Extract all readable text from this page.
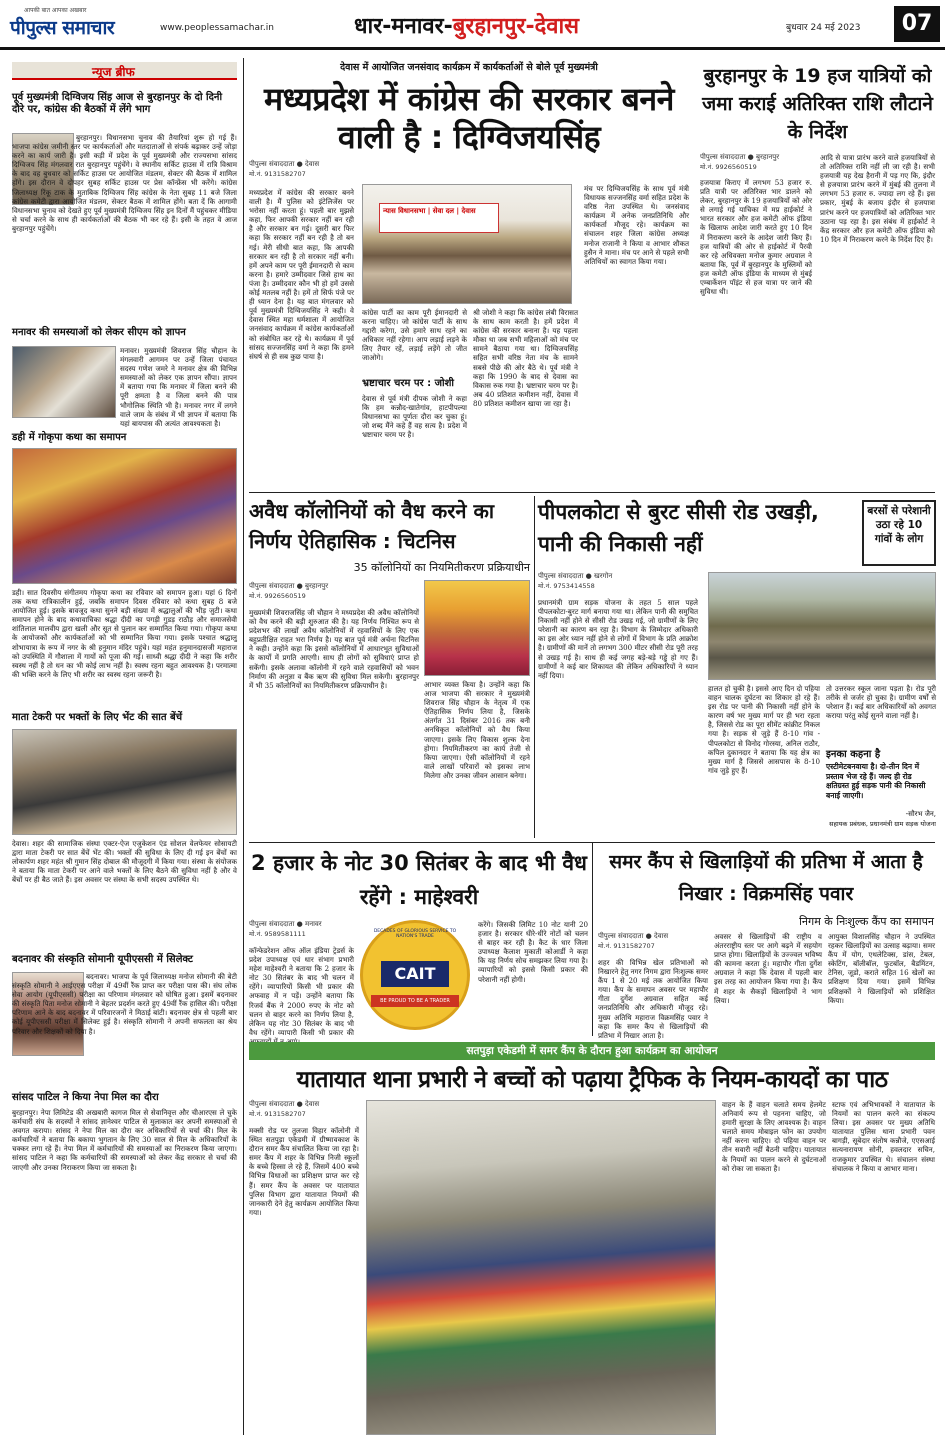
आपकी बात आपका अखबार
पीपुल्स समाचार	www.peoplessamachar.in	धार-मनावर-बुरहानपुर-देवास	बुधवार 24 मई 2023	07
न्यूज ब्रीफ
पूर्व मुख्यमंत्री दिग्विजय सिंह आज से बुरहानपुर के दो दिनी दौरे पर, कांग्रेस की बैठकों में लेंगे भाग
बुरहानपुर। विधानसभा चुनाव की तैयारियां शुरू हो गई हैं। भाजपा कांग्रेस जमीनी स्तर पर कार्यकर्ताओं और मतदाताओं से संपर्क बढ़ाकर उन्हें जोड़ा करने का कार्य जारी है। इसी कड़ी में प्रदेश के पूर्व मुख्यमंत्री और राज्यसभा सांसद दिग्विजय सिंह मंगलवार रात बुरहानपुर पहुंचेंगे। वे स्थानीय सर्किट हाउस में रात्रि विश्राम के बाद वह बुधवार को सर्किट हाउस पर आयोजित मंडलम, सेक्टर की बैठक में शामिल होंगे। इस दौरान वे दोपहर सुबह सर्किट हाउस पर प्रेस कॉन्फ्रेंस भी करेंगे। कांग्रेस जिलाध्यक्ष रिंकू टाक के मुताबिक दिग्विजय सिंह कांग्रेस के नेता सुबह 11 बजे जिला कांग्रेस कमेटी द्वारा आयोजित मंडलम, सेक्टर बैठक में शामिल होंगे। बता दें कि आगामी विधानसभा चुनाव को देखते हुए पूर्व मुख्यमंत्री दिग्विजय सिंह इन दिनों मैं पहुंचकर मीडिया से चर्चा करने के साथ ही कार्यकर्ताओं की बैठक भी कर रहे हैं। इसी के तहत वे आज बुरहानपुर पहुंचेंगे।
मनावर की समस्याओं को लेकर सीएम को ज्ञापन
मनावर। मुख्यमंत्री शिवराज सिंह चौहान के मंगलवारी आगमन पर उन्हें जिला पंचायत सदस्य गणेश जमरे ने मनावर क्षेत्र की विभिन्न समस्याओं को लेकर एक ज्ञापन सौंपा। ज्ञापन में बताया गया कि मनावर में जिला बनने की पूरी क्षमता है व जिला बनने की पात्र भौगोलिक स्थिति भी है। मनावर नगर में लगने वाले जाम के संबंध में भी ज्ञापन में बताया कि यहां बायपास की अत्यंत आवश्यकता है।
डही में गोकृपा कथा का समापन
डही। सात दिवसीय संगीतमय गोकृपा कथा का रविवार को समापन हुआ। यहां 6 दिनों तक कथा रात्रिकालीन हुई, जबकि समापन दिवस रविवार को कथा सुबह 8 बजे आयोजित हुई। इसके बावजूद कथा सुनने बड़ी संख्या में श्रद्धालुओं की भीड़ जुटी। कथा समापन होने के बाद कथावाचिका श्रद्धा दीदी का पगड़ी गुडड़ राठौड़ और समाजसेवी शांतिलाल मालवीय द्वारा खली और सूत से पुलान कर सम्मानित किया गया। गोकृपा कथा के आयोजकों और कार्यकर्ताओं को भी सम्मानित किया गया। इसके पश्चात श्रद्धालु शोभायात्रा के रूप में नगर के श्री हनुमान मंदिर पहुंचे। यहां महंत हनुमानदासजी महाराज को उपस्थिति में गौशाला में गायों को पूजा की गई। साध्वी श्रद्धा दीदी ने कहा कि शरीर स्वस्थ नहीं है तो धन का भी कोई लाभ नहीं है। स्वस्थ रहना बहुत आवश्यक है। परमात्मा की भक्ति करने के लिए भी शरीर का स्वस्थ रहना जरूरी है।
माता टेकरी पर भक्तों के लिए भेंट की सात बेंचें
देवास। शहर की सामाजिक संस्था एक्टर-ऐज एजुकेशन एंड सोशल वेलफेयर सोसायटी द्वारा माता टेकरी पर सात बेंचें भेंट की। भक्तों की सुविधा के लिए दी गई इन बेंचों का लोकार्पण शहर महंत श्री गुमान सिंह दोबाल की मौजूदगी में किया गया। संस्था के संयोजक ने बताया कि माता टेकरी पर आने वाले भक्तों के लिए बैठने की सुविधा नहीं है और वे बेंचों पर ही बैठ जाते हैं। इस अवसर पर संस्था के सभी सदस्य उपस्थित थे।
बदनावर की संस्कृति सोमानी यूपीएससी में सिलेक्ट
बदनावर। भाजपा के पूर्व जिलाध्यक्ष मनोज सोमानी की बेटी संस्कृति सोमानी ने आईएएस परीक्षा में 49वीं रैंक प्राप्त कर परीक्षा पास की। संघ लोक सेवा आयोग (यूपीएससी) परीक्षा का परिणाम मंगलवार को घोषित हुआ। इसमें बदनावर की संस्कृति पिता मनोज सोमानी ने बेहतर प्रदर्शन करते हुए 49वीं रैंक हासिल की। परीक्षा परिणाम आने के बाद बदनावर में परिवारजनों ने मिठाई बांटी। बदनावर क्षेत्र से पहली बार कोई यूपीएससी परीक्षा में सिलेक्ट हुई है। संस्कृति सोमानी ने अपनी सफलता का श्रेय परिवार और शिक्षकों को दिया है।
सांसद पाटिल ने किया नेपा मिल का दौरा
बुरहानपुर। नेपा लिमिटेड की अखबारी कागज मिल से सेवानिवृत्त और चीआरएस ले चुके कर्मचारी संघ के सदस्यों ने सांसद ज्ञानेश्वर पाटिल से मुलाकात कर अपनी समस्याओं से अवगत कराया। सांसद ने नेपा मिल का दौरा कर अधिकारियों से चर्चा की। मिल के कर्मचारियों ने बताया कि बकाया भुगतान के लिए 30 साल से मिल के अधिकारियों के चक्कर लगा रहे हैं। नेपा मिल में कर्मचारियों की समस्याओं का निराकरण किया जाएगा। सांसद पाटिल ने कहा कि कर्मचारियों की समस्याओं को लेकर केंद्र सरकार से चर्चा की जाएगी और उनका निराकरण किया जा सकता है।
देवास में आयोजित जनसंवाद कार्यक्रम में कार्यकर्ताओं से बोले पूर्व मुख्यमंत्री
मध्यप्रदेश में कांग्रेस की सरकार बनने वाली है : दिग्विजयसिंह
पीपुल्स संवाददाता ● देवास
मो.नं. 9131582707
मध्यप्रदेश में कांग्रेस की सरकार बनने वाली है। मैं पुलिस को इंटेलिजेंस पर भरोसा नहीं करता हूं। पहली बार मुझसे कहा, फिर आपकी सरकार नहीं बन रही है और सरकार बन गई। दूसरी बार फिर कहा कि सरकार नहीं बन रही है तो बन गई। मेरी सीधी बात कहा, कि आपकी सरकार बन रही है तो सरकार नहीं बनी। हमें अपने काम पर पूरी ईमानदारी से काम करना है। हमारे उम्मीदवार जिसे हाथ का पंजा है। उम्मीदवार कौन भी हो हमें उससे कोई मतलब नहीं है। हमें तो सिर्फ पंजे पर ही ध्यान देना है। यह बात मंगलवार को पूर्व मुख्यमंत्री दिग्विजयसिंह ने कही। वे देवास स्थित महा धर्मशाला में आयोजित जनसंवाद कार्यक्रम में कांग्रेस कार्यकर्ताओं को संबोधित कर रहे थे। कार्यक्रम में पूर्व सांसद सज्जनसिंह वर्मा ने कहा कि हमने संघर्ष से ही सब कुछ पाया है।
न्यास विधानसभा | सेवा दल | देवास
कांग्रेस पार्टी का काम पूरी ईमानदारी से करना चाहिए। जो कांग्रेस पार्टी के साथ गद्दारी करेगा, उसे हमारे साथ रहने का अधिकार नहीं रहेगा। आप लड़ाई लड़ने के लिए तैयार रहें, लड़ाई लड़ेंगे तो जीत जाओगे।
भ्रष्टाचार चरम पर : जोशी
देवास से पूर्व मंत्री दीपक जोशी ने कहा कि हम कन्नौद-खातेगांव, हाटपीपल्या विधानसभा का पूर्णतः दौरा कर चुका हूं। जो शब्द मैंने कहे हैं वह सत्य है। प्रदेश में भ्रष्टाचार चरम पर है।
श्री जोशी ने कहा कि कांग्रेस लंबी विरासत के साथ काम करती है। हमें प्रदेश में कांग्रेस की सरकार बनाना है। यह पहला मौका था जब सभी महिलाओं को मंच पर सामने बैठाया गया था। दिग्विजयसिंह सहित सभी वरिष्ठ नेता मंच के सामने सबसे पीछे की ओर बैठे थे। पूर्व मंत्री ने कहा कि 1990 के बाद से देवास का विकास रुक गया है। भ्रष्टाचार चरम पर है। अब 40 प्रतिशत कमीशन नहीं, देवास में 80 प्रतिशत कमीशन खाया जा रहा है।
मंच पर दिग्विजयसिंह के साथ पूर्व मंत्री विधायक सज्जनसिंह वर्मा सहित प्रदेश के वरिष्ठ नेता उपस्थित थे। जनसंवाद कार्यक्रम में अनेक जनप्रतिनिधि और कार्यकर्ता मौजूद रहे। कार्यक्रम का संचालन शहर जिला कांग्रेस अध्यक्ष मनोज राजानी ने किया व आभार शौकत हुसैन ने माना। मंच पर आने से पहले सभी अतिथियों का स्वागत किया गया।
बुरहानपुर के 19 हज यात्रियों को जमा कराई अतिरिक्त राशि लौटाने के निर्देश
पीपुल्स संवाददाता ● बुरहानपुर
मो.नं. 9926560519
हजयात्रा किराए में लगभग 53 हजार रु. प्रति यात्री पर अतिरिक्त भार डालने को लेकर, बुरहानपुर के 19 हजयात्रियों को ओर से लगाई गई याचिका में मप्र हाईकोर्ट ने भारत सरकार और हज कमेटी ऑफ इंडिया के खिलाफ आदेश जारी करते हुए 10 दिन में निराकरण करने के आदेश जारी किए हैं। हज यात्रियों की ओर से हाईकोर्ट में पैरवी कर रहे अधिवक्ता मनोज कुमार अग्रवाल ने बताया कि, पूर्व में बुरहानपुर के मुस्लिमों को हज कमेटी ऑफ इंडिया के माध्यम से मुंबई एम्बार्केशन पॉइंट से हज यात्रा पर जाने की सुविधा थी।
आदि से यात्रा प्रारंभ करने वाले हजयात्रियों से तो अतिरिक्त राशि नहीं ली जा रही है। सभी हजयात्री यह देख हैरानी में पड़ गए कि, इंदौर से हजयात्रा प्रारंभ करने में मुंबई की तुलना में लगभग 53 हजार रु. ज्यादा लग रहे हैं। इस प्रकार, मुंबई के बजाय इंदौर से हजयात्रा प्रारंभ करने पर हजयात्रियों को अतिरिक्त भार उठाना पड़ रहा है। इस संबंध में हाईकोर्ट ने केंद्र सरकार और हज कमेटी ऑफ इंडिया को 10 दिन में निराकरण करने के निर्देश दिए हैं।
अवैध कॉलोनियों को वैध करने का निर्णय ऐतिहासिक : चिटनिस
35 कॉलोनियों का नियमितीकरण प्रक्रियाधीन
पीपुल्स संवाददाता ● बुरहानपुर
मो.नं. 9926560519
मुख्यमंत्री शिवराजसिंह जी चौहान ने मध्यप्रदेश की अवैध कॉलोनियों को वैध करने की बड़ी शुरुआत की है। यह निर्णय निश्चित रूप से प्रदेशभर की लाखों अवैध कॉलोनियों में रहवासियों के लिए एक बहुप्रतीक्षित राहत भरा निर्णय है। यह बात पूर्व मंत्री अर्चना चिटनिस ने कही। उन्होंने कहा कि इससे कॉलोनियों में आधारभूत सुविधाओं के कार्यों में प्रगति आएगी। साथ ही लोगों को सुविधाएं प्राप्त हो सकेंगी। इसके अलावा कॉलोनी में रहने वाले रहवासियों को भवन निर्माण की अनुज्ञा व बैंक ऋण की सुविधा मिल सकेगी। बुरहानपुर में भी 35 कॉलोनियों का नियमितीकरण प्रक्रियाधीन है।	आभार व्यक्त किया है। उन्होंने कहा कि आज भाजपा की सरकार ने मुख्यमंत्री शिवराज सिंह चौहान के नेतृत्व में एक ऐतिहासिक निर्णय लिया है, जिसके अंतर्गत 31 दिसंबर 2016 तक बनी अनधिकृत कॉलोनियों को वैध किया जाएगा। इसके लिए विकास शुल्क देना होगा। नियमितीकरण का कार्य तेजी से किया जाएगा। ऐसी कॉलोनियों में रहने वाले लाखों परिवारों को इसका लाभ मिलेगा और उनका जीवन आसान बनेगा।
पीपलकोटा से बुरट सीसी रोड उखड़ी, पानी की निकासी नहीं
बरसों से परेशानी उठा रहे 10 गांवों के लोग
पीपुल्स संवाददाता ● खरगोन
मो.नं. 9753414558
प्रधानमंत्री ग्राम सड़क योजना के तहत 5 साल पहले पीपलकोटा-बुरट मार्ग बनाया गया था। लेकिन पानी की समुचित निकासी नहीं होने से सीसी रोड उखड़ गई, जो ग्रामीणों के लिए परेशानी का कारण बन रहा है। विभाग के जिम्मेदार अधिकारी का इस ओर ध्यान नहीं होने से लोगों में विभाग के प्रति आक्रोश है। ग्रामीणों की मानें तो लगभग 300 मीटर सीसी रोड पूरी तरह से उखड़ गई है। साथ ही कई जगह बड़े-बड़े गड्ढे हो गए हैं। ग्रामीणों ने कई बार शिकायत की लेकिन अधिकारियों ने ध्यान नहीं दिया।
हालत हो चुकी है। इससे आए दिन दो पहिया वाहन चालक दुर्घटना का शिकार हो रहे हैं। इस रोड पर पानी की निकासी नहीं होने के कारण वर्ष भर मुख्य मार्ग पर ही भरा रहता है, जिससे रोड का पूरा सीमेंट कांक्रीट निकल गया है। सड़क से जुड़े हैं 8-10 गांव - पीपलकोटा से विनोद गोरस्या, अनिल राठौर, कपिल दुकानदार ने बताया कि यह क्षेत्र का मुख्य मार्ग है जिससे आसपास के 8-10 गांव जुड़े हुए हैं।
तो उत्तरकर स्कूल जाना पड़ता है। रोड पूरी तरीके से जर्जर हो चुका है। ग्रामीण वर्षों से परेशान हैं। कई बार अधिकारियों को अवगत कराया परंतु कोई सुनने वाला नहीं है।
इनका कहना है
एस्टीमेटबनवाया है। दो-तीन दिन में प्रस्ताव भेज रहे हैं। जल्द ही रोड क्षतिग्रस्त हुई सड़क पानी की निकासी बनाई जाएगी।
-सौरभ जैन,
सहायक प्रबंधक, प्रधानमंत्री ग्राम सड़क योजना
2 हजार के नोट 30 सितंबर के बाद भी वैध रहेंगे : माहेश्वरी
पीपुल्स संवाददाता ● मनावर
मो.नं. 9589581111
कॉन्फेडरेशन ऑफ ऑल इंडिया ट्रेडर्स के प्रदेश उपाध्यक्ष एवं धार संभाग प्रभारी महेश माहेश्वरी ने बताया कि 2 हजार के नोट 30 सितंबर के बाद भी चलन में रहेंगे। व्यापारियों किसी भी प्रकार की अफवाह में न पड़ें। उन्होंने बताया कि रिजर्व बैंक ने 2000 रुपए के नोट को चलन से बाहर करने का निर्णय लिया है, लेकिन यह नोट 30 सितंबर के बाद भी वैध रहेंगे। व्यापारी किसी भी प्रकार की
DECADES OF GLORIOUS SERVICE TO NATION'S TRADE
CAIT
BE PROUD TO BE A TRADER
करेंगे। जिसकी लिमिट 10 नोट यानी 20 हजार है। सरकार धीरे-धीरे नोटों को चलन से बाहर कर रही है। कैट के धार जिला उपाध्यक्ष कैलाश मुकाती कोआर्डी ने कहा कि यह निर्णय सोच समझकर लिया गया है। व्यापारियों को इससे किसी प्रकार की परेशानी नहीं होगी।
समर कैंप से खिलाड़ियों की प्रतिभा में आता है निखार : विक्रमसिंह पवार
निगम के निःशुल्क कैंप का समापन
पीपुल्स संवाददाता ● देवास
मो.नं. 9131582707
शहर की विभिन्न खेल प्रतिभाओं को निखारने हेतु नगर निगम द्वारा निःशुल्क समर कैंप 1 से 20 मई तक आयोजित किया गया। कैंप के समापन अवसर पर महापौर गीता दुर्गेश अग्रवाल सहित कई जनप्रतिनिधि और अधिकारी मौजूद रहे। मुख्य अतिथि महाराज विक्रमसिंह पवार ने कहा कि समर कैंप से खिलाड़ियों की प्रतिभा में निखार आता है।
अवसर से खिलाड़ियों की राष्ट्रीय व अंतरराष्ट्रीय स्तर पर आगे बढ़ने में सहयोग प्राप्त होगा। खिलाड़ियों के उज्ज्वल भविष्य की कामना करता हूं। महापौर गीता दुर्गेश अग्रवाल ने कहा कि देवास में पहली बार इस तरह का आयोजन किया गया है। कैंप में शहर के सैकड़ों खिलाड़ियों ने भाग लिया।
आयुक्त विशालसिंह चौहान ने उपस्थित रहकर खिलाड़ियों का उत्साह बढ़ाया। समर कैंप में योग, एथलेटिक्स, डांस, टेबल, स्केटिंग, बॉलीबॉल, फुटबॉल, बैडमिंटन, टेनिस, जूडो, कराते सहित 16 खेलों का प्रशिक्षण दिया गया। इसमें विभिन्न प्रशिक्षकों ने खिलाड़ियों को प्रशिक्षित किया।
सतपुड़ा एकेडमी में समर कैंप के दौरान हुआ कार्यक्रम का आयोजन
यातायात थाना प्रभारी ने बच्चों को पढ़ाया ट्रैफिक के नियम-कायदों का पाठ
पीपुल्स संवाददाता ● देवास
मो.नं. 9131582707
मक्सी रोड पर तुलजा विहार कॉलोनी में स्थित सतपुड़ा एकेडमी में ग्रीष्मावकाश के दौरान समर कैंप संचालित किया जा रहा है। समर कैंप में शहर के विभिन्न निजी स्कूलों के बच्चे हिस्सा ले रहे हैं, जिसमें 400 बच्चे विभिन्न विधाओं का प्रशिक्षण प्राप्त कर रहे हैं। समर कैंप के अवसर पर यातायात पुलिस विभाग द्वारा यातायात नियमों की जानकारी देने हेतु कार्यक्रम आयोजित किया गया।
वाहन के हैं वाहन चलाते समय हेलमेट अनिवार्य रूप से पहनना चाहिए, जो हमारी सुरक्षा के लिए आवश्यक है। वाहन चलाते समय मोबाइल फोन का उपयोग नहीं करना चाहिए। दो पहिया वाहन पर तीन सवारी नहीं बैठनी चाहिए। यातायात के नियमों का पालन करने से दुर्घटनाओं को रोका जा सकता है।
स्टाफ एवं अभिभावकों ने यातायात के नियमों का पालन करने का संकल्प लिया। इस अवसर पर मुख्य अतिथि यातायात पुलिस थाना प्रभारी पवन बागड़ी, सूबेदार संतोष कन्नौजे, एएसआई सत्यनारायण सोनी, हवलदार सचिन, राजकुमार उपस्थित थे। संचालन संस्था संचालक ने किया व आभार माना।
